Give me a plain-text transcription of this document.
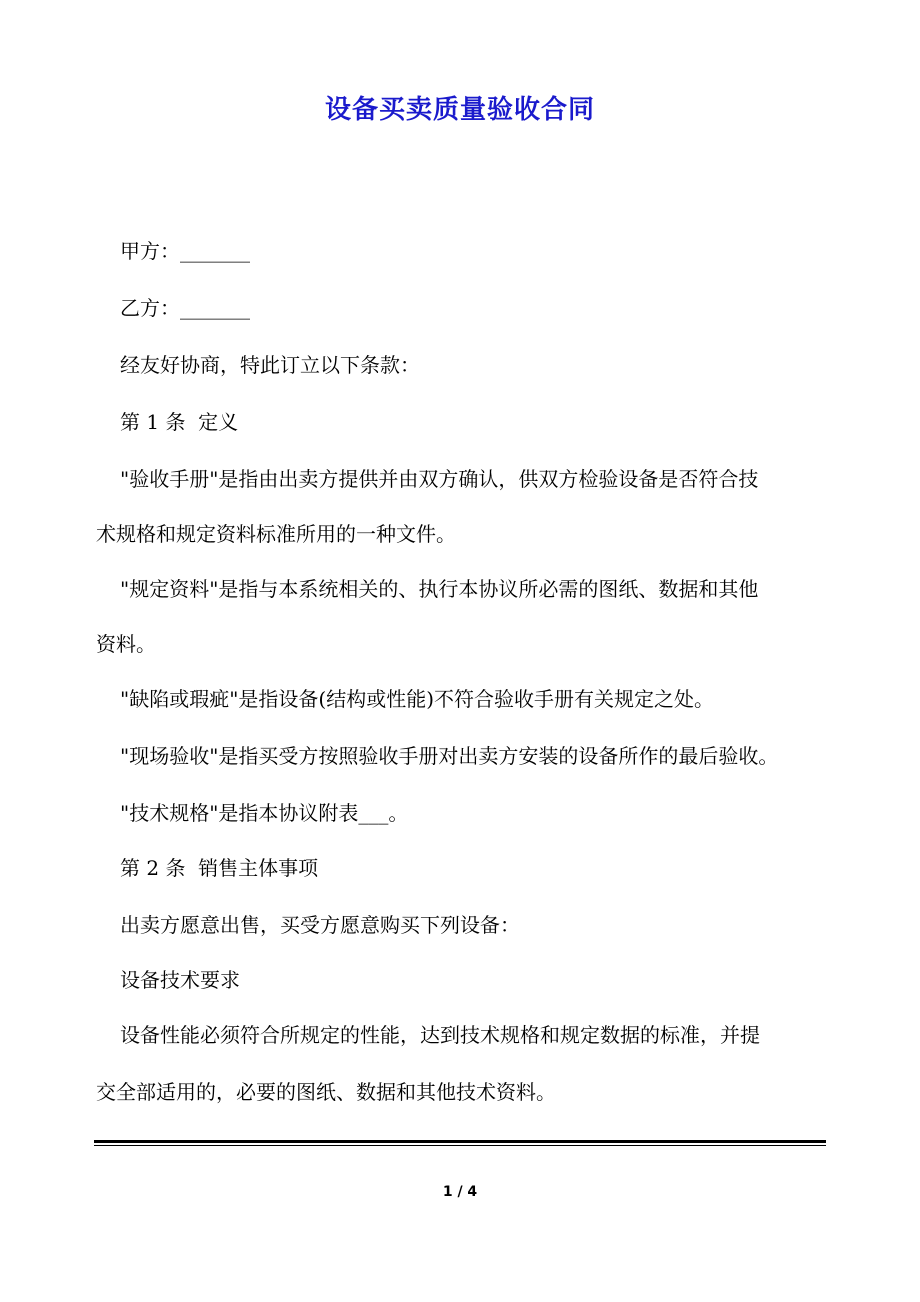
设备买卖质量验收合同
甲方：_______
乙方：_______
经友好协商，特此订立以下条款：
第 1 条  定义
"验收手册"是指由出卖方提供并由双方确认，供双方检验设备是否符合技
术规格和规定资料标准所用的一种文件。
"规定资料"是指与本系统相关的、执行本协议所必需的图纸、数据和其他
资料。
"缺陷或瑕疵"是指设备(结构或性能)不符合验收手册有关规定之处。
"现场验收"是指买受方按照验收手册对出卖方安装的设备所作的最后验收。
"技术规格"是指本协议附表___。
第 2 条  销售主体事项
出卖方愿意出售，买受方愿意购买下列设备：
设备技术要求
设备性能必须符合所规定的性能，达到技术规格和规定数据的标准，并提
交全部适用的，必要的图纸、数据和其他技术资料。
1 / 4
